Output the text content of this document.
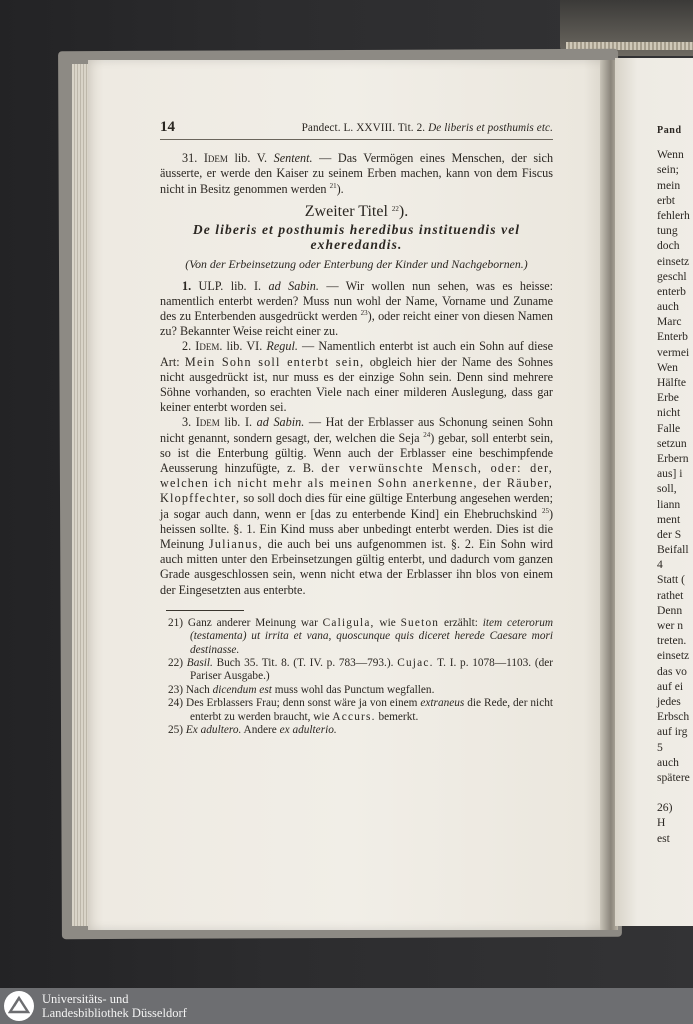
Pand
Wenn
sein;
mein
erbt
fehlerh
tung
doch
einsetz
geschl
enterb
auch
Marc
Enterb
vermei
Wen
Hälfte
Erbe
nicht
Falle
setzun
Erbern
aus] i
soll,
liann
ment
der S
Beifall
4
Statt (
rathet
Denn
wer n
treten.
einsetz
das vo
auf ei
jedes
Erbsch
auf irg
5
auch
spätere
26)
H
est
14	Pandect. L. XXVIII. Tit. 2. De liberis et posthumis etc.

31. Idem lib. V. Sentent. — Das Vermögen eines Menschen, der sich äusserte, er werde den Kaiser zu seinem Erben machen, kann von dem Fiscus nicht in Besitz genommen werden $^{21}$).

Zweiter Titel $^{22}$).
De liberis et posthumis heredibus instituendis vel exheredandis.
(Von der Erbeinsetzung oder Enterbung der Kinder und Nachgebornen.)

1. ULP. lib. I. ad Sabin. — Wir wollen nun sehen, was es heisse: namentlich enterbt werden? Muss nun wohl der Name, Vorname und Zuname des zu Enterbenden ausgedrückt werden $^{23}$), oder reicht einer von diesen Namen zu? Bekannter Weise reicht einer zu.

2. Idem. lib. VI. Regul. — Namentlich enterbt ist auch ein Sohn auf diese Art: Mein Sohn soll enterbt sein, obgleich hier der Name des Sohnes nicht ausgedrückt ist, nur muss es der einzige Sohn sein. Denn sind mehrere Söhne vorhanden, so erachten Viele nach einer milderen Auslegung, dass gar keiner enterbt worden sei.

3. Idem lib. I. ad Sabin. — Hat der Erblasser aus Schonung seinen Sohn nicht genannt, sondern gesagt, der, welchen die Seja $^{24}$) gebar, soll enterbt sein, so ist die Enterbung gültig. Wenn auch der Erblasser eine beschimpfende Aeusserung hinzufügte, z. B. der verwünschte Mensch, oder: der, welchen ich nicht mehr als meinen Sohn anerkenne, der Räuber, Klopffechter, so soll doch dies für eine gültige Enterbung angesehen werden; ja sogar auch dann, wenn er [das zu enterbende Kind] ein Ehebruchskind $^{25}$) heissen sollte. §. 1. Ein Kind muss aber unbedingt enterbt werden. Dies ist die Meinung Julianus, die auch bei uns aufgenommen ist. §. 2. Ein Sohn wird auch mitten unter den Erbeinsetzungen gültig enterbt, und dadurch vom ganzen Grade ausgeschlossen sein, wenn nicht etwa der Erblasser ihn blos von einem der Eingesetzten aus enterbte.

21) Ganz anderer Meinung war Caligula, wie Sueton erzählt: item ceterorum (testamenta) ut irrita et vana, quoscunque quis diceret herede Caesare mori destinasse.

22) Basil. Buch 35. Tit. 8. (T. IV. p. 783—793.). Cujac. T. I. p. 1078—1103. (der Pariser Ausgabe.)

23) Nach dicendum est muss wohl das Punctum wegfallen.

24) Des Erblassers Frau; denn sonst wäre ja von einem extraneus die Rede, der nicht enterbt zu werden braucht, wie Accurs. bemerkt.

25) Ex adultero. Andere ex adulterio.

Universitäts- und
Landesbibliothek Düsseldorf
